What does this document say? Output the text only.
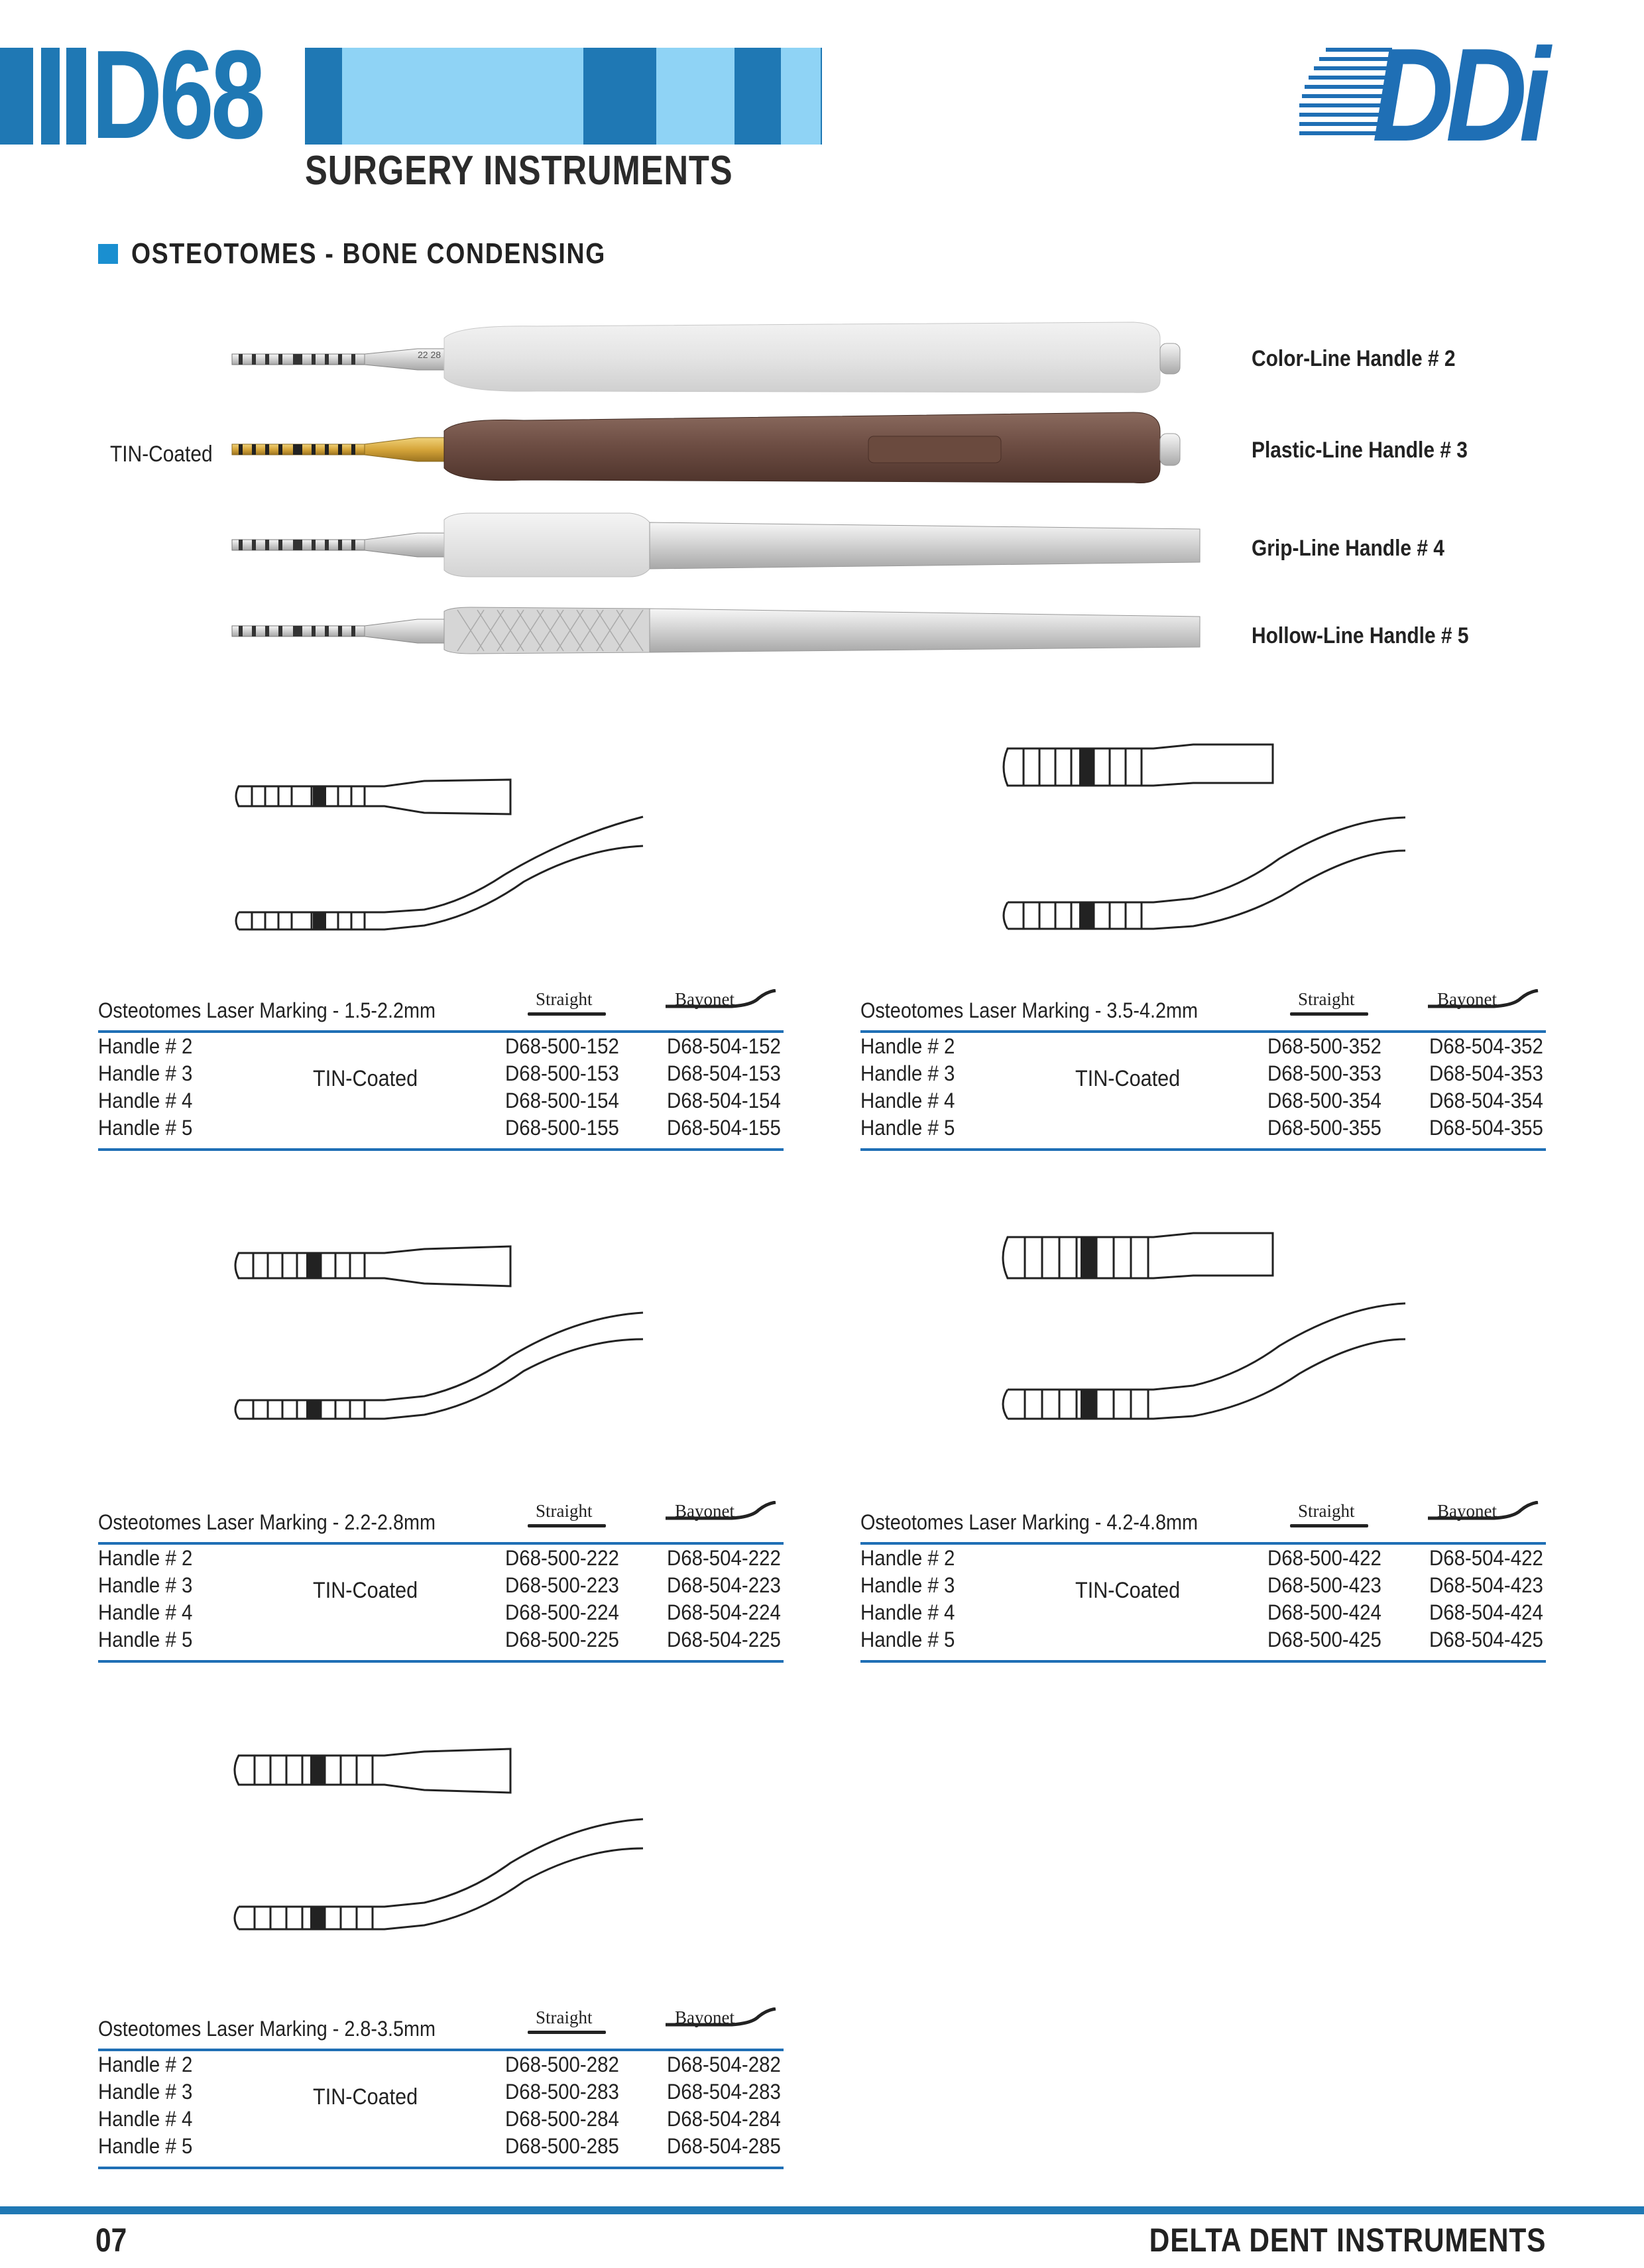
D68
SURGERY INSTRUMENTS
DDi
OSTEOTOMES - BONE CONDENSING
22 28
TIN-Coated
Color-Line Handle # 2
Plastic-Line Handle # 3
Grip-Line Handle # 4
Hollow-Line Handle # 5
Osteotomes Laser Marking - 1.5-2.2mm	Straight	Bayonet
Handle # 2	D68-500-152 D68-504-152
Handle # 3	D68-500-153 D68-504-153
Handle # 4	D68-500-154 D68-504-154
Handle # 5	D68-500-155 D68-504-155
TIN-Coated
Osteotomes Laser Marking - 3.5-4.2mm	Straight	Bayonet
Handle # 2	D68-500-352 D68-504-352
Handle # 3	D68-500-353 D68-504-353
Handle # 4	D68-500-354 D68-504-354
Handle # 5	D68-500-355 D68-504-355
TIN-Coated
Osteotomes Laser Marking - 2.2-2.8mm	Straight	Bayonet
Handle # 2	D68-500-222 D68-504-222
Handle # 3	D68-500-223 D68-504-223
Handle # 4	D68-500-224 D68-504-224
Handle # 5	D68-500-225 D68-504-225
TIN-Coated
Osteotomes Laser Marking - 4.2-4.8mm	Straight	Bayonet
Handle # 2	D68-500-422 D68-504-422
Handle # 3	D68-500-423 D68-504-423
Handle # 4	D68-500-424 D68-504-424
Handle # 5	D68-500-425 D68-504-425
TIN-Coated
Osteotomes Laser Marking - 2.8-3.5mm	Straight	Bayonet
Handle # 2	D68-500-282 D68-504-282
Handle # 3	D68-500-283 D68-504-283
Handle # 4	D68-500-284 D68-504-284
Handle # 5	D68-500-285 D68-504-285
TIN-Coated
07	DELTA DENT INSTRUMENTS
